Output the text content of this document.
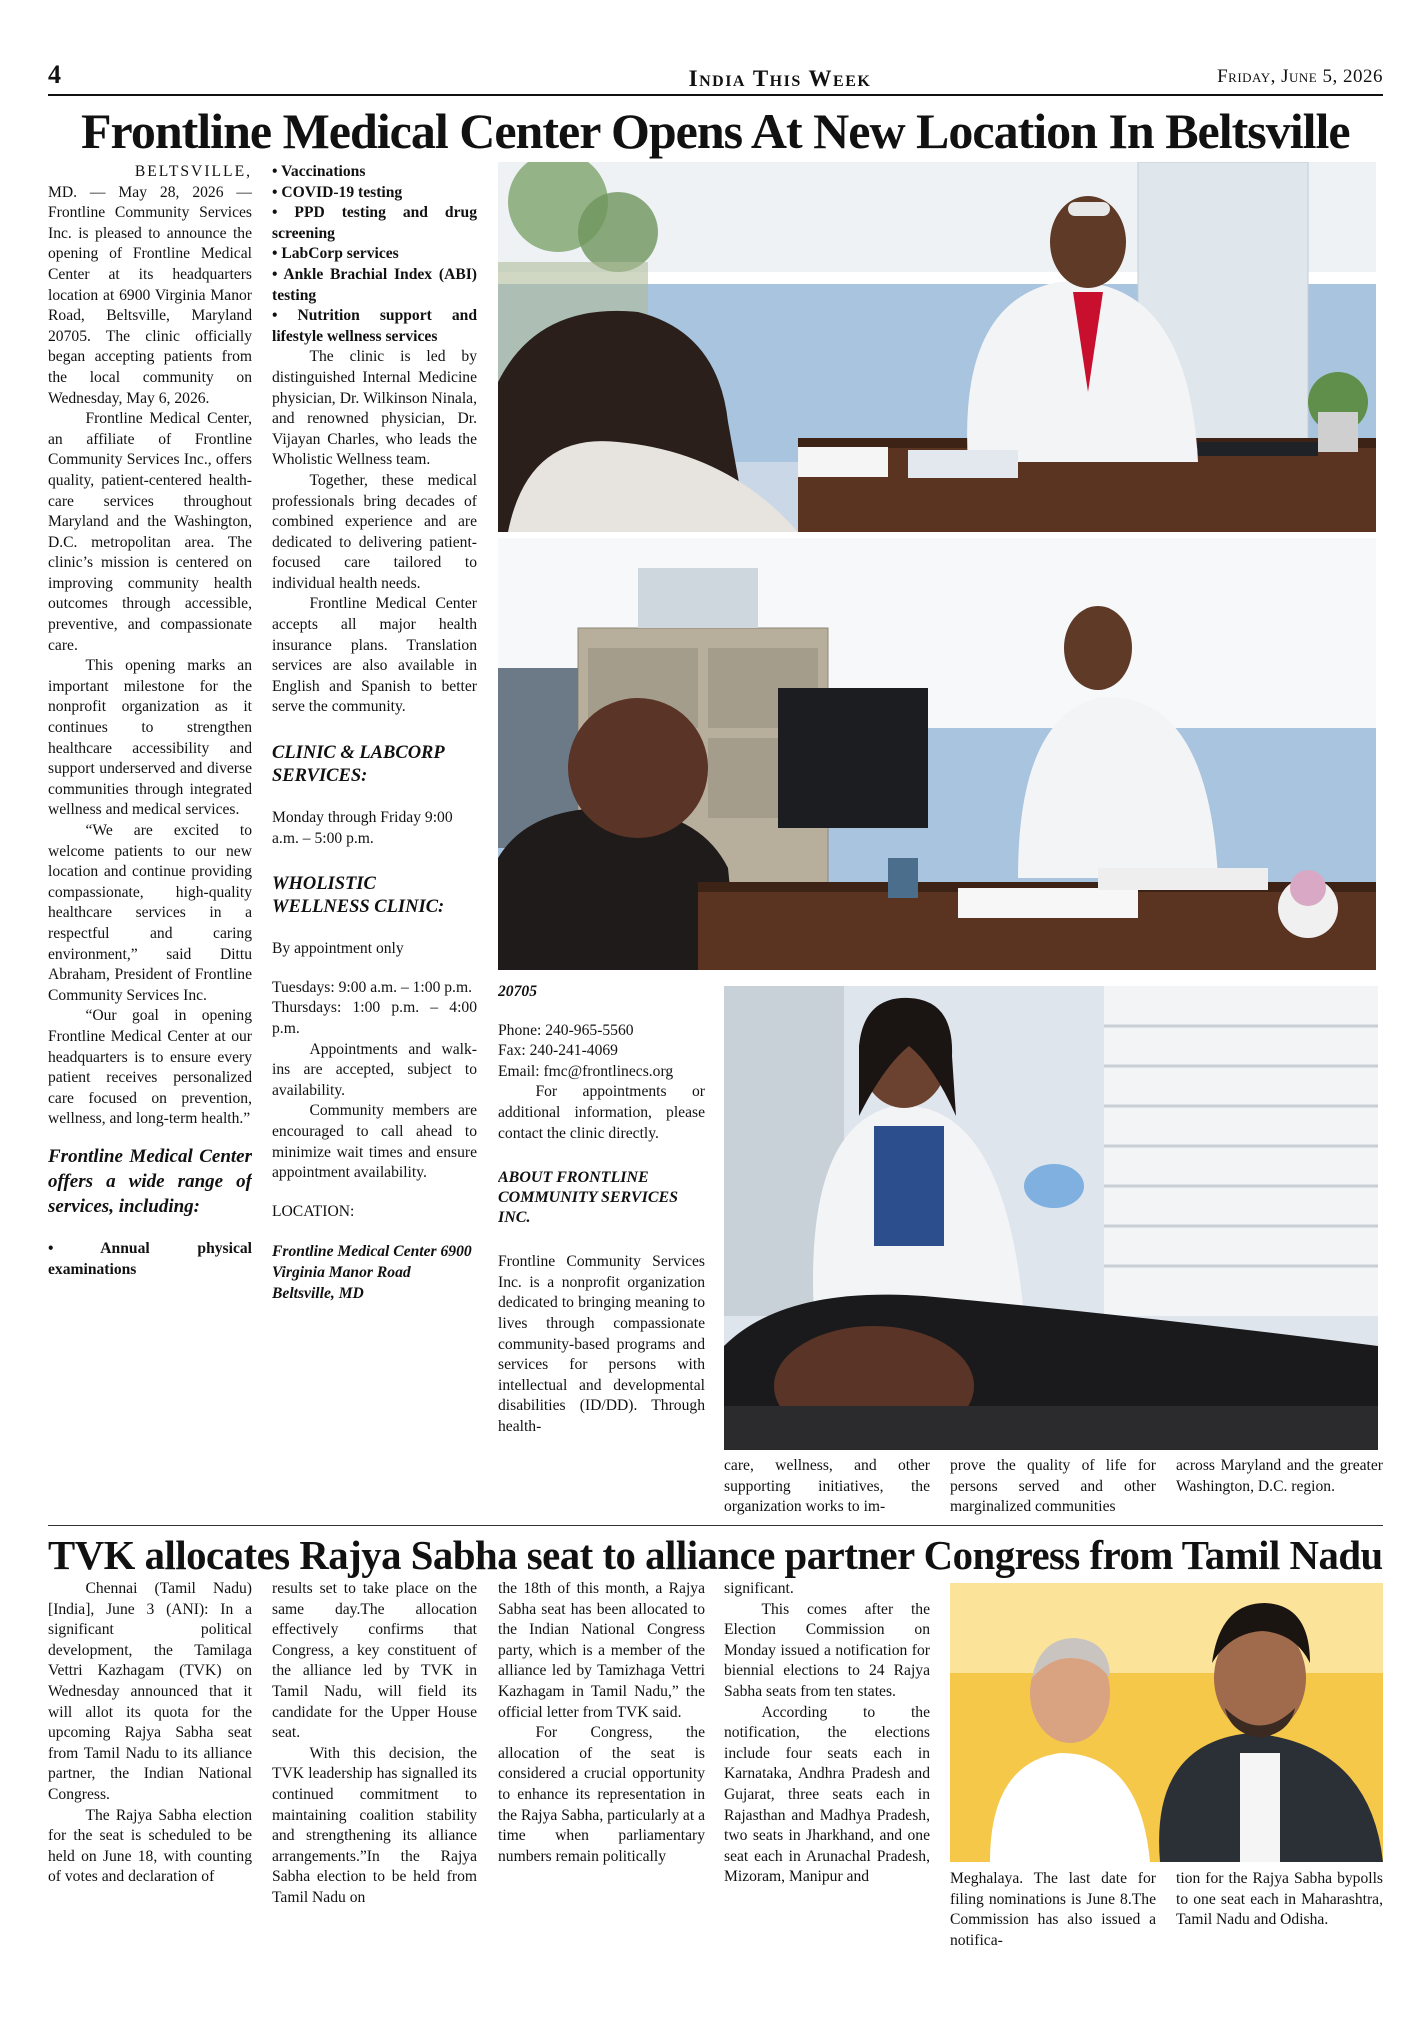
4	India This Week	Friday, June 5, 2026
Frontline Medical Center Opens At New Location In Beltsville

BELTSVILLE,

MD. — May 28, 2026 — Frontline Community Services Inc. is pleased to announce the opening of Frontline Medical Center at its headquarters location at 6900 Virginia Manor Road, Beltsville, Maryland 20705. The clinic officially began accepting patients from the local community on Wednesday, May 6, 2026.

Frontline Medical Center, an affiliate of Frontline Community Services Inc., offers quality, patient-centered health-care services throughout Maryland and the Washington, D.C. metropolitan area. The clinic’s mission is centered on improving community health outcomes through accessible, preventive, and compassionate care.

This opening marks an important milestone for the nonprofit organization as it continues to strengthen healthcare accessibility and support underserved and diverse communities through integrated wellness and medical services.

“We are excited to welcome patients to our new location and continue providing compassionate, high-quality healthcare services in a respectful and caring environment,” said Dittu Abraham, President of Frontline Community Services Inc.

“Our goal in opening Frontline Medical Center at our headquarters is to ensure every patient receives personalized care focused on prevention, wellness, and long-term health.”

Frontline Medical Center offers a wide range of services, including:

• Annual physical examinations

• Vaccinations

• COVID-19 testing

• PPD testing and drug screening

• LabCorp services

• Ankle Brachial Index (ABI) testing

• Nutrition support and lifestyle wellness services

The clinic is led by distinguished Internal Medicine physician, Dr. Wilkinson Ninala, and renowned physician, Dr. Vijayan Charles, who leads the Wholistic Wellness team.

Together, these medical professionals bring decades of combined experience and are dedicated to delivering patient-focused care tailored to individual health needs.

Frontline Medical Center accepts all major health insurance plans. Translation services are also available in English and Spanish to better serve the community.

CLINIC & LABCORP SERVICES:

Monday through Friday 9:00 a.m. – 5:00 p.m.

WHOLISTIC WELLNESS CLINIC:

By appointment only

Tuesdays: 9:00 a.m. – 1:00 p.m.

Thursdays: 1:00 p.m. – 4:00 p.m.

Appointments and walk-ins are accepted, subject to availability.

Community members are encouraged to call ahead to minimize wait times and ensure appointment availability.

LOCATION:

Frontline Medical Center 6900 Virginia Manor Road Beltsville, MD

20705

Phone: 240-965-5560

Fax: 240-241-4069

Email: fmc@frontlinecs.org

For appointments or additional information, please contact the clinic directly.

ABOUT FRONTLINE COMMUNITY SERVICES INC.

Frontline Community Services Inc. is a nonprofit organization dedicated to bringing meaning to lives through compassionate community-based programs and services for persons with intellectual and developmental disabilities (ID/DD). Through health-

care, wellness, and other supporting initiatives, the organization works to im-

prove the quality of life for persons served and other marginalized communities

across Maryland and the greater Washington, D.C. region.

TVK allocates Rajya Sabha seat to alliance partner Congress from Tamil Nadu

Chennai (Tamil Nadu) [India], June 3 (ANI): In a significant political development, the Tamilaga Vettri Kazhagam (TVK) on Wednesday announced that it will allot its quota for the upcoming Rajya Sabha seat from Tamil Nadu to its alliance partner, the Indian National Congress.

The Rajya Sabha election for the seat is scheduled to be held on June 18, with counting of votes and declaration of

results set to take place on the same day.The allocation effectively confirms that Congress, a key constituent of the alliance led by TVK in Tamil Nadu, will field its candidate for the Upper House seat.

With this decision, the TVK leadership has signalled its continued commitment to maintaining coalition stability and strengthening its alliance arrangements.”In the Rajya Sabha election to be held from Tamil Nadu on

the 18th of this month, a Rajya Sabha seat has been allocated to the Indian National Congress party, which is a member of the alliance led by Tamizhaga Vettri Kazhagam in Tamil Nadu,” the official letter from TVK said.

For Congress, the allocation of the seat is considered a crucial opportunity to enhance its representation in the Rajya Sabha, particularly at a time when parliamentary numbers remain politically

significant.

This comes after the Election Commission on Monday issued a notification for biennial elections to 24 Rajya Sabha seats from ten states.

According to the notification, the elections include four seats each in Karnataka, Andhra Pradesh and Gujarat, three seats each in Rajasthan and Madhya Pradesh, two seats in Jharkhand, and one seat each in Arunachal Pradesh, Mizoram, Manipur and	Meghalaya. The last date for filing nominations is June 8.The Commission has also issued a notifica-

tion for the Rajya Sabha bypolls to one seat each in Maharashtra, Tamil Nadu and Odisha.
